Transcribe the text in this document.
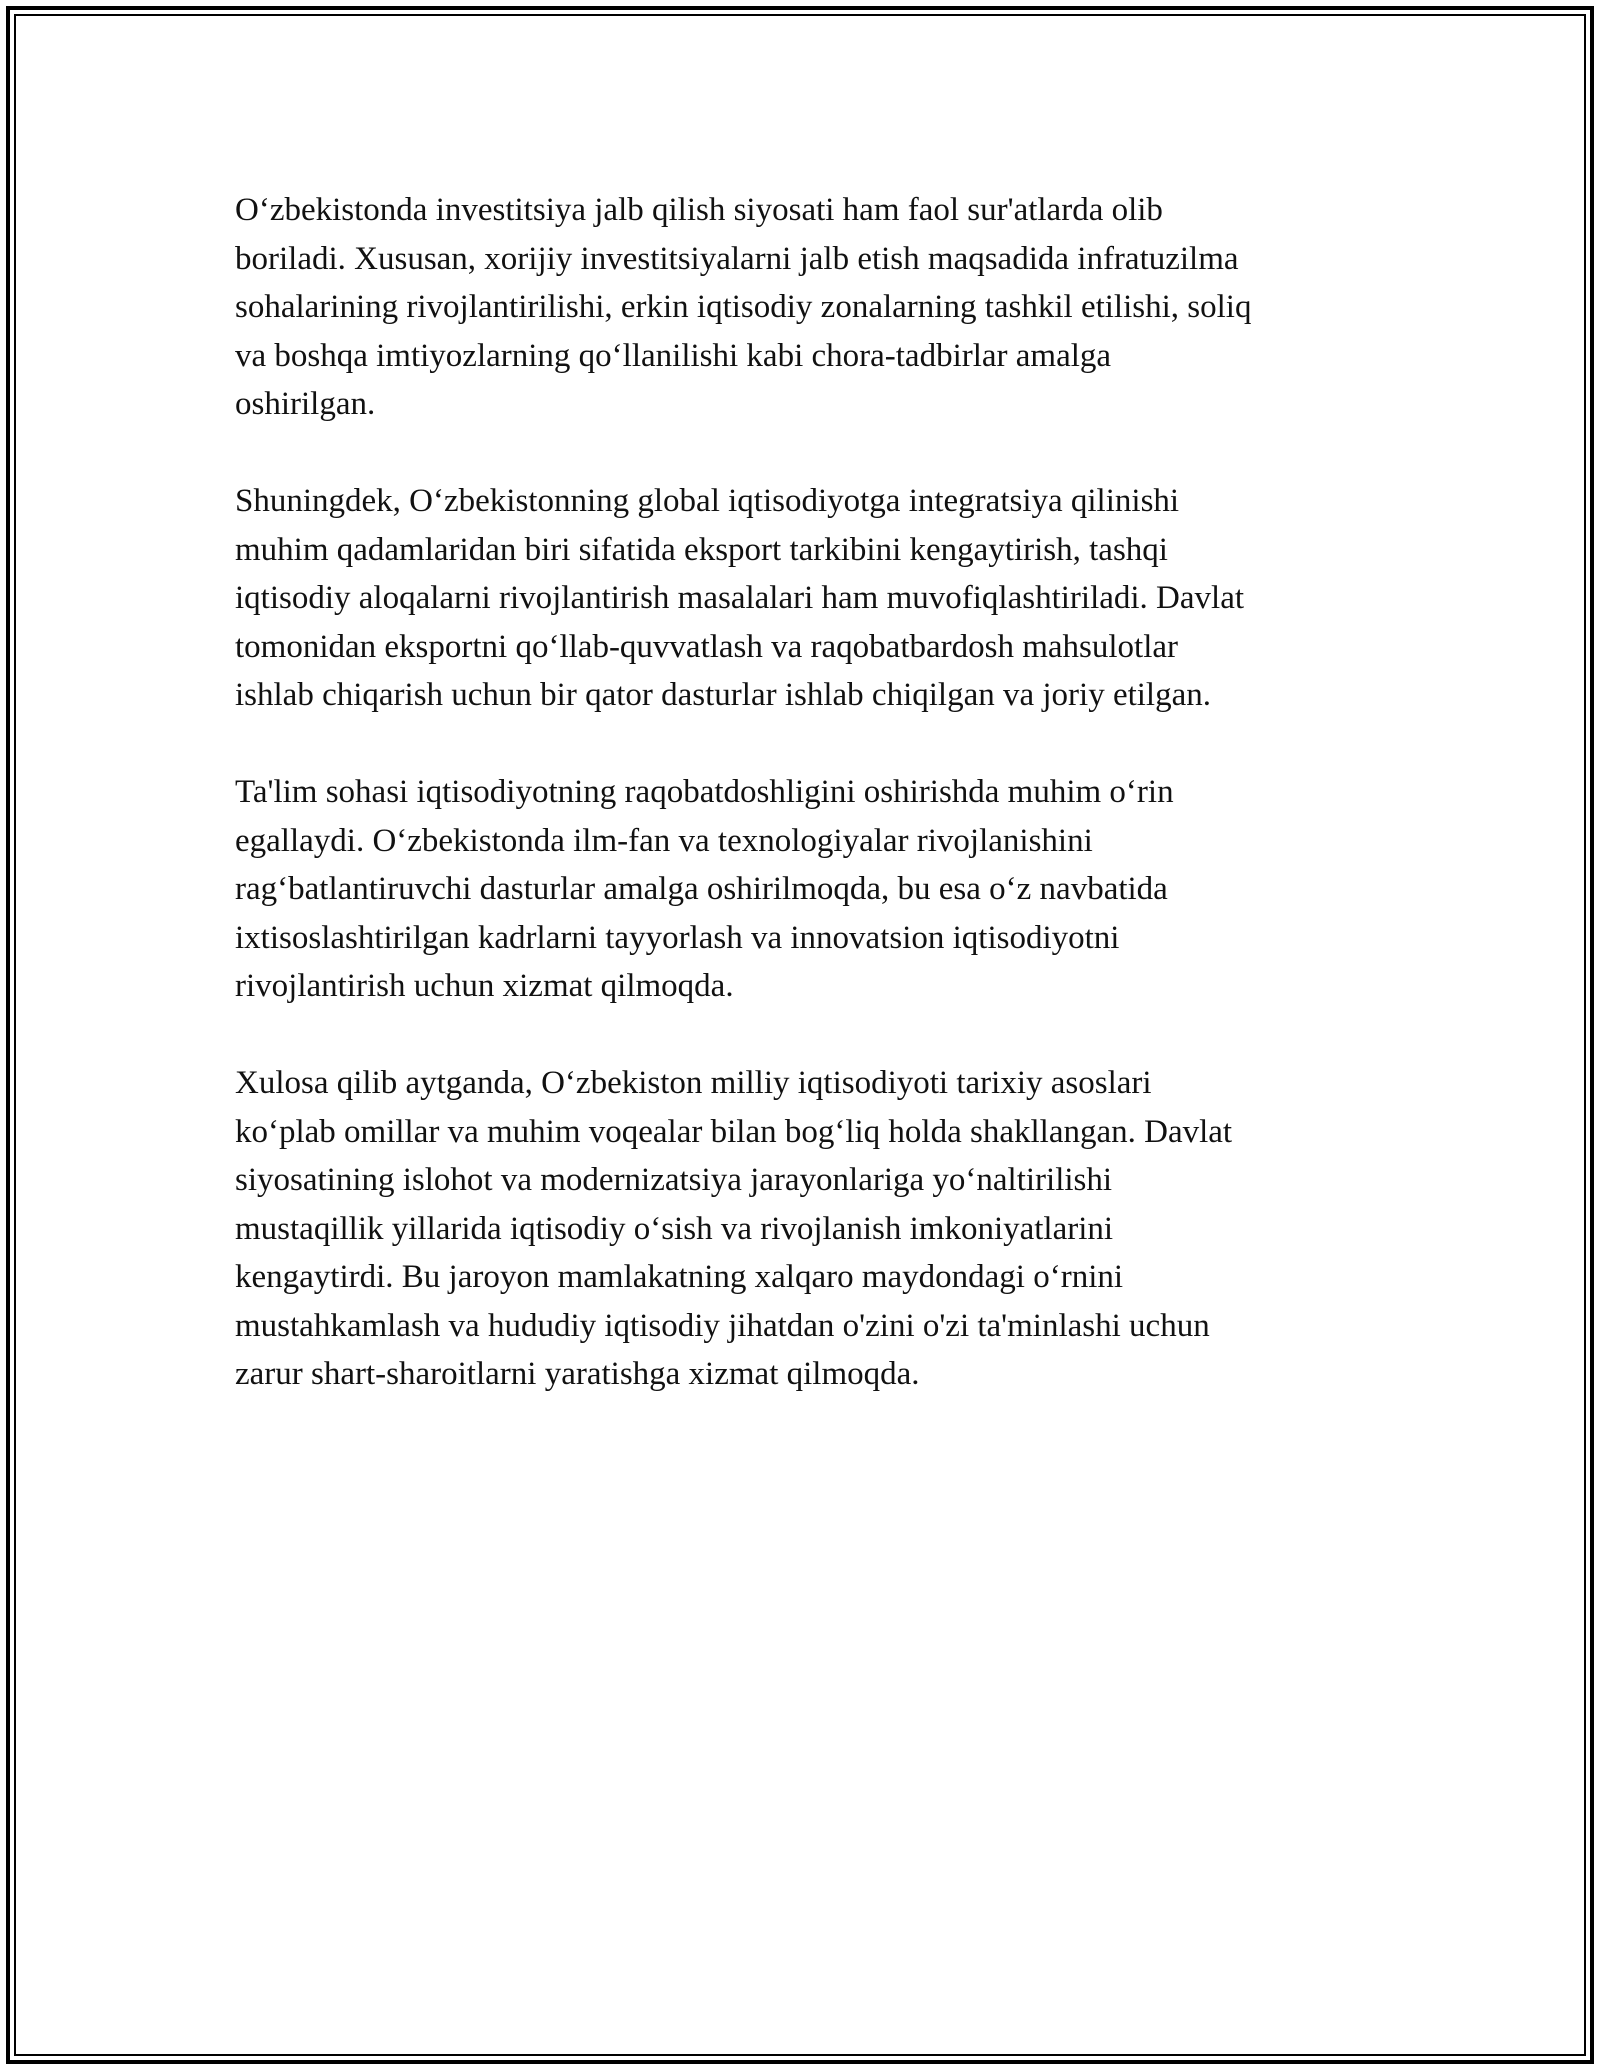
O‘zbekistonda investitsiya jalb qilish siyosati ham faol sur'atlarda olib
boriladi. Xususan, xorijiy investitsiyalarni jalb etish maqsadida infratuzilma
sohalarining rivojlantirilishi, erkin iqtisodiy zonalarning tashkil etilishi, soliq
va boshqa imtiyozlarning qo‘llanilishi kabi chora-tadbirlar amalga
oshirilgan.

Shuningdek, O‘zbekistonning global iqtisodiyotga integratsiya qilinishi
muhim qadamlaridan biri sifatida eksport tarkibini kengaytirish, tashqi
iqtisodiy aloqalarni rivojlantirish masalalari ham muvofiqlashtiriladi. Davlat
tomonidan eksportni qo‘llab-quvvatlash va raqobatbardosh mahsulotlar
ishlab chiqarish uchun bir qator dasturlar ishlab chiqilgan va joriy etilgan.

Ta'lim sohasi iqtisodiyotning raqobatdoshligini oshirishda muhim o‘rin
egallaydi. O‘zbekistonda ilm-fan va texnologiyalar rivojlanishini
rag‘batlantiruvchi dasturlar amalga oshirilmoqda, bu esa o‘z navbatida
ixtisoslashtirilgan kadrlarni tayyorlash va innovatsion iqtisodiyotni
rivojlantirish uchun xizmat qilmoqda.

Xulosa qilib aytganda, O‘zbekiston milliy iqtisodiyoti tarixiy asoslari
ko‘plab omillar va muhim voqealar bilan bog‘liq holda shakllangan. Davlat
siyosatining islohot va modernizatsiya jarayonlariga yo‘naltirilishi
mustaqillik yillarida iqtisodiy o‘sish va rivojlanish imkoniyatlarini
kengaytirdi. Bu jaroyon mamlakatning xalqaro maydondagi o‘rnini
mustahkamlash va hududiy iqtisodiy jihatdan o'zini o'zi ta'minlashi uchun
zarur shart-sharoitlarni yaratishga xizmat qilmoqda.
